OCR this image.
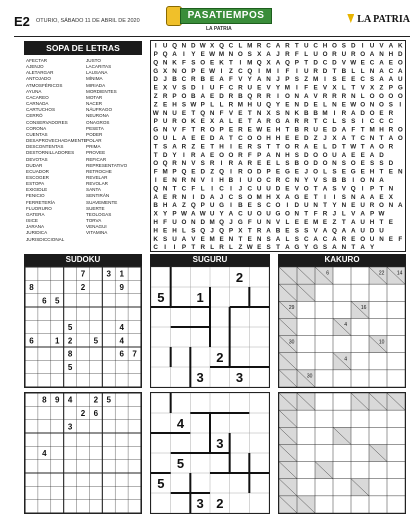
E2 OTURIO, SÁBADO 11 DE ABRIL DE 2020	PASATIEMPOS
LA PATRIA
LA PATRIA
SOPA DE LETRAS
AFECTAR
AJENJO
ALETARGAR
ANTOJADO
ATMOSFÉRICOS
AYUNA
CACAREO
CARNADA
CARTUCHOS
CERRÓ
CONSERVADORES
CORONA
CUENTAS
DESAPROVECHADAMENTE
DESCONTENTAS
DESTORNILLADORES
DEVOTAS
DUDAR
ECUADOR
ESCOGER
ESTOPA
EXIGIDLE
FENICIO
FERRETERÍA
FLUORURO
GATERA
ISICE
JARANA
JURIDICA
JURISDICCIONAL
JUSTO
LACARITAS
LAUSANA
MÍNIMA
MIRIADA
MORDIENTES
MOTAR
NACER
NÁUFRAGO
NEURONA
ONAGROS
PESETA
PODER
POLAR
PRIMA
PROVEE
REFICAR
REPRESENTATIVO
RETROCHE
REVELAR
REVOLAR
SANTA
SENTIRÁN
SUAVEMENTE
SUERTE
TEOLOGAS
TORVA
VENAGUI
VITAMINA
I U Q N D W X Q C L M R C A R T U C H O S D I U V A K
P Q A I Y E W M N O S X A J R F L U O R U R O A N H D
Q N K F S O E K T I M Q X A Q P T D C D V W E C A E O
G X N O P E W I Z C Q I M I F I U R D T B L L N A C A
D J B C R B E A F V Y A N J P S Z M I S E E C S A A U
E X V S D I U F C R U E V Y M I F E V X L T V X Z P G
Z R P O B A E D R B Q R R I O N A V R R R N L O O O O
Z E H S W P L L R M H U Q Y E N D E L N E W O N O S I
W N U E T Q N F V E T N X S N K B B M I R A D O E R
P U R O K E X A L E T A R G A R R T C L S S I C C C
G N V F T R O P E R E W E H T B R U E D A F T M H R O
O U L A E E D A T C O O H H E E D Z J X A T C N T A O
T S A R Z E T H I E R S T T O R A E L D T W T A O R
T D Y I R A E O O R F P A N H S D O O U A E E A D
O Q R N V S R I R A R E E L S B O D O N S O E S S D
F M P Q E D Z Q I R O D P E G E J O L S E G E H T E N
I E N R N V I H B I U O C R C N Y V S B B I O N A
Q N T C F L I C I J C U U D E V O T A S V Q I P T N
A E R N I D A J C S O M H X A G E T I I S N A A E X
B H A Z Q P U G I B E S C O I D U N T Y N E U R O N A
X Y P W A W U Y A C U O U G O N T F R J L V A P W
H F U O N D M Q J G F U N V L E E M E Z T A U H T E
H E H L S Q J Q P X T R A B E S S V A Q A A U D U
K S U A V E M E N T E N S A L S C A C A R E O U N E F
C I I P T R L R L Z W E S T A G Y G S A N T A Y
SUDOKU
7	3 1
8	2	9
6 5
5	4
6	1 2	5	4
8	6 7
5
8 9 4	2 5
2 6
3
4
SUGURU
2
5 1
2
3 3
4
3
5
5
3 2
KAKURO
6	22 14
29	16
4
30	10
4
30
